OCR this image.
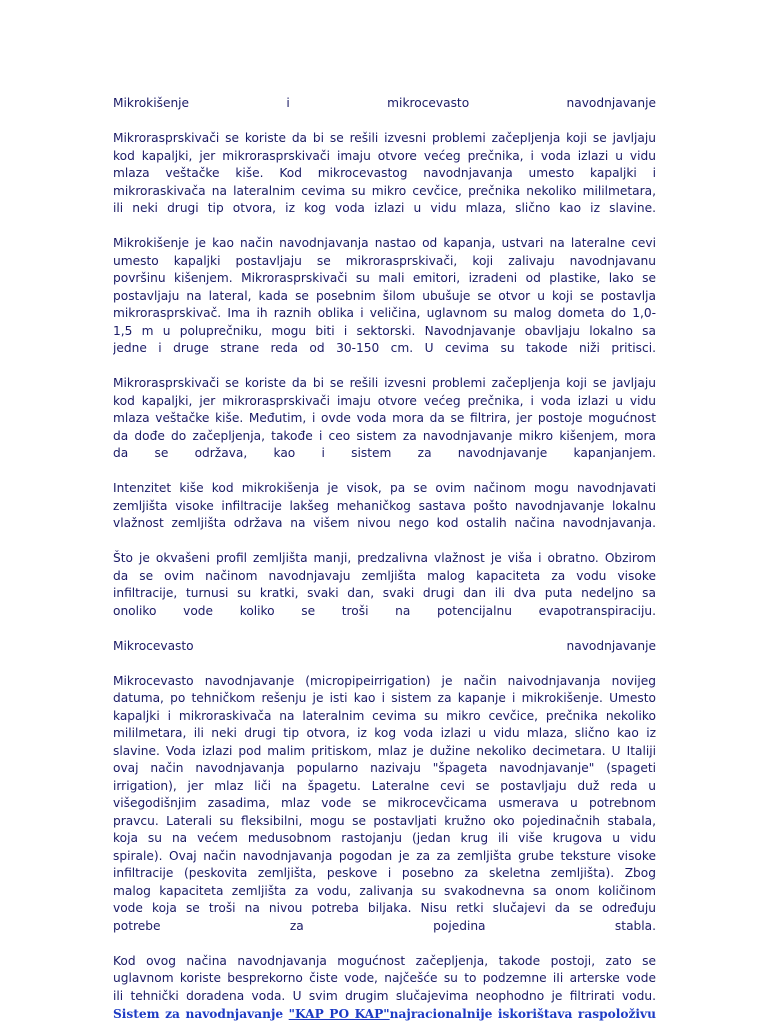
Mikrokišenje i mikrocevasto navodnjavanje
Mikrorasprskivači se koriste da bi se rešili izvesni problemi začepljenja koji se javljaju
kod kapaljki, jer mikrorasprskivači imaju otvore većeg prečnika, i voda izlazi u vidu
mlaza veštačke kiše. Kod mikrocevastog navodnjavanja umesto kapaljki i
mikroraskivača na lateralnim cevima su mikro cevčice, prečnika nekoliko mililmetara,
ili neki drugi tip otvora, iz kog voda izlazi u vidu mlaza, slično kao iz slavine.
Mikrokišenje je kao način navodnjavanja nastao od kapanja, ustvari na lateralne cevi
umesto kapaljki postavljaju se mikrorasprskivači, koji zalivaju navodnjavanu
površinu kišenjem. Mikrorasprskivači su mali emitori, izradeni od plastike, lako se
postavljaju na lateral, kada se posebnim šilom ubušuje se otvor u koji se postavlja
mikrorasprskivač. Ima ih raznih oblika i veličina, uglavnom su malog dometa do 1,0-
1,5 m u poluprečniku, mogu biti i sektorski. Navodnjavanje obavljaju lokalno sa
jedne i druge strane reda od 30-150 cm. U cevima su takode niži pritisci.
Mikrorasprskivači se koriste da bi se rešili izvesni problemi začepljenja koji se javljaju
kod kapaljki, jer mikrorasprskivači imaju otvore većeg prečnika, i voda izlazi u vidu
mlaza veštačke kiše. Međutim, i ovde voda mora da se filtrira, jer postoje mogućnost
da dođe do začepljenja, takođe i ceo sistem za navodnjavanje mikro kišenjem, mora
da se održava, kao i sistem za navodnjavanje kapanjanjem.
Intenzitet kiše kod mikrokišenja je visok, pa se ovim načinom mogu navodnjavati
zemljišta visoke infiltracije lakšeg mehaničkog sastava pošto navodnjavanje lokalnu
vlažnost zemljišta održava na višem nivou nego kod ostalih načina navodnjavanja.
Što je okvašeni profil zemljišta manji, predzalivna vlažnost je viša i obratno. Obzirom
da se ovim načinom navodnjavaju zemljišta malog kapaciteta za vodu visoke
infiltracije, turnusi su kratki, svaki dan, svaki drugi dan ili dva puta nedeljno sa
onoliko vode koliko se troši na potencijalnu evapotranspiraciju.
Mikrocevasto navodnjavanje
Mikrocevasto navodnjavanje (micropipeirrigation) je način naivodnjavanja novijeg
datuma, po tehničkom rešenju je isti kao i sistem za kapanje i mikrokišenje. Umesto
kapaljki i mikroraskivača na lateralnim cevima su mikro cevčice, prečnika nekoliko
mililmetara, ili neki drugi tip otvora, iz kog voda izlazi u vidu mlaza, slično kao iz
slavine. Voda izlazi pod malim pritiskom, mlaz je dužine nekoliko decimetara. U Italiji
ovaj način navodnjavanja popularno nazivaju "špageta navodnjavanje" (spageti
irrigation), jer mlaz liči na špagetu. Lateralne cevi se postavljaju duž reda u
višegodišnjim zasadima, mlaz vode se mikrocevčicama usmerava u potrebnom
pravcu. Laterali su fleksibilni, mogu se postavljati kružno oko pojedinačnih stabala,
koja su na većem medusobnom rastojanju (jedan krug ili više krugova u vidu
spirale). Ovaj način navodnjavanja pogodan je za za zemljišta grube teksture visoke
infiltracije (peskovita zemljišta, peskove i posebno za skeletna zemljišta). Zbog
malog kapaciteta zemljišta za vodu, zalivanja su svakodnevna sa onom količinom
vode koja se troši na nivou potreba biljaka. Nisu retki slučajevi da se određuju
potrebe za pojedina stabla.
Kod ovog načina navodnjavanja mogućnost začepljenja, takode postoji, zato se
uglavnom koriste besprekorno čiste vode, najčešće su to podzemne iIi arterske vode
ili tehnički doradena voda. U svim drugim slučajevima neophodno je filtrirati vodu.
Sistem za navodnjavanje "KAP PO KAP"najracionalnije iskorištava raspoloživu
